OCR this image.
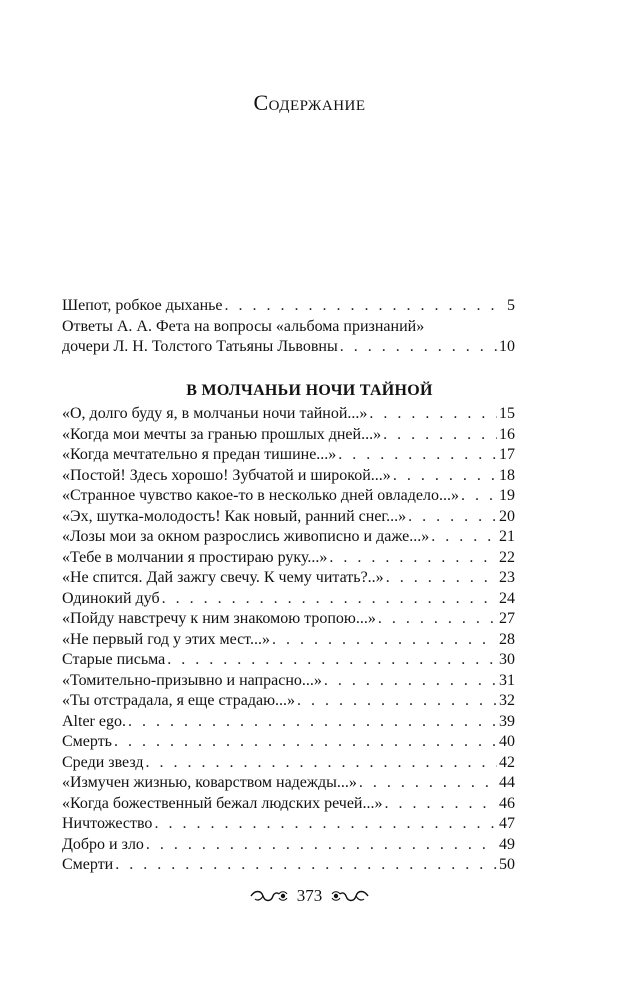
Содержание
Шепот, робкое дыханье . . .	5
Ответы А. А. Фета на вопросы «альбома признаний»
дочери Л. Н. Толстого Татьяны Львовны . . .	10
В МОЛЧАНЬИ НОЧИ ТАЙНОЙ
«О, долго буду я, в молчаньи ночи тайной...» . . .	15
«Когда мои мечты за гранью прошлых дней...» . . .	16
«Когда мечтательно я предан тишине...» . . .	17
«Постой! Здесь хорошо! Зубчатой и широкой...» . . .	18
«Странное чувство какое-то в несколько дней овладело...» . . .	19
«Эх, шутка-молодость! Как новый, ранний снег...» . . .	20
«Лозы мои за окном разрослись живописно и даже...» . . .	21
«Тебе в молчании я простираю руку...» . . .	22
«Не спится. Дай зажгу свечу. К чему читать?..» . . .	23
Одинокий дуб . . .	24
«Пойду навстречу к ним знакомою тропою...» . . .	27
«Не первый год у этих мест...» . . .	28
Старые письма . . .	30
«Томительно-призывно и напрасно...» . . .	31
«Ты отстрадала, я еще страдаю...» . . .	32
Alter ego. . . .	39
Смерть . . .	40
Среди звезд . . .	42
«Измучен жизнью, коварством надежды...» . . .	44
«Когда божественный бежал людских речей...» . . .	46
Ничтожество . . .	47
Добро и зло . . .	49
Смерти . . .	50
373
